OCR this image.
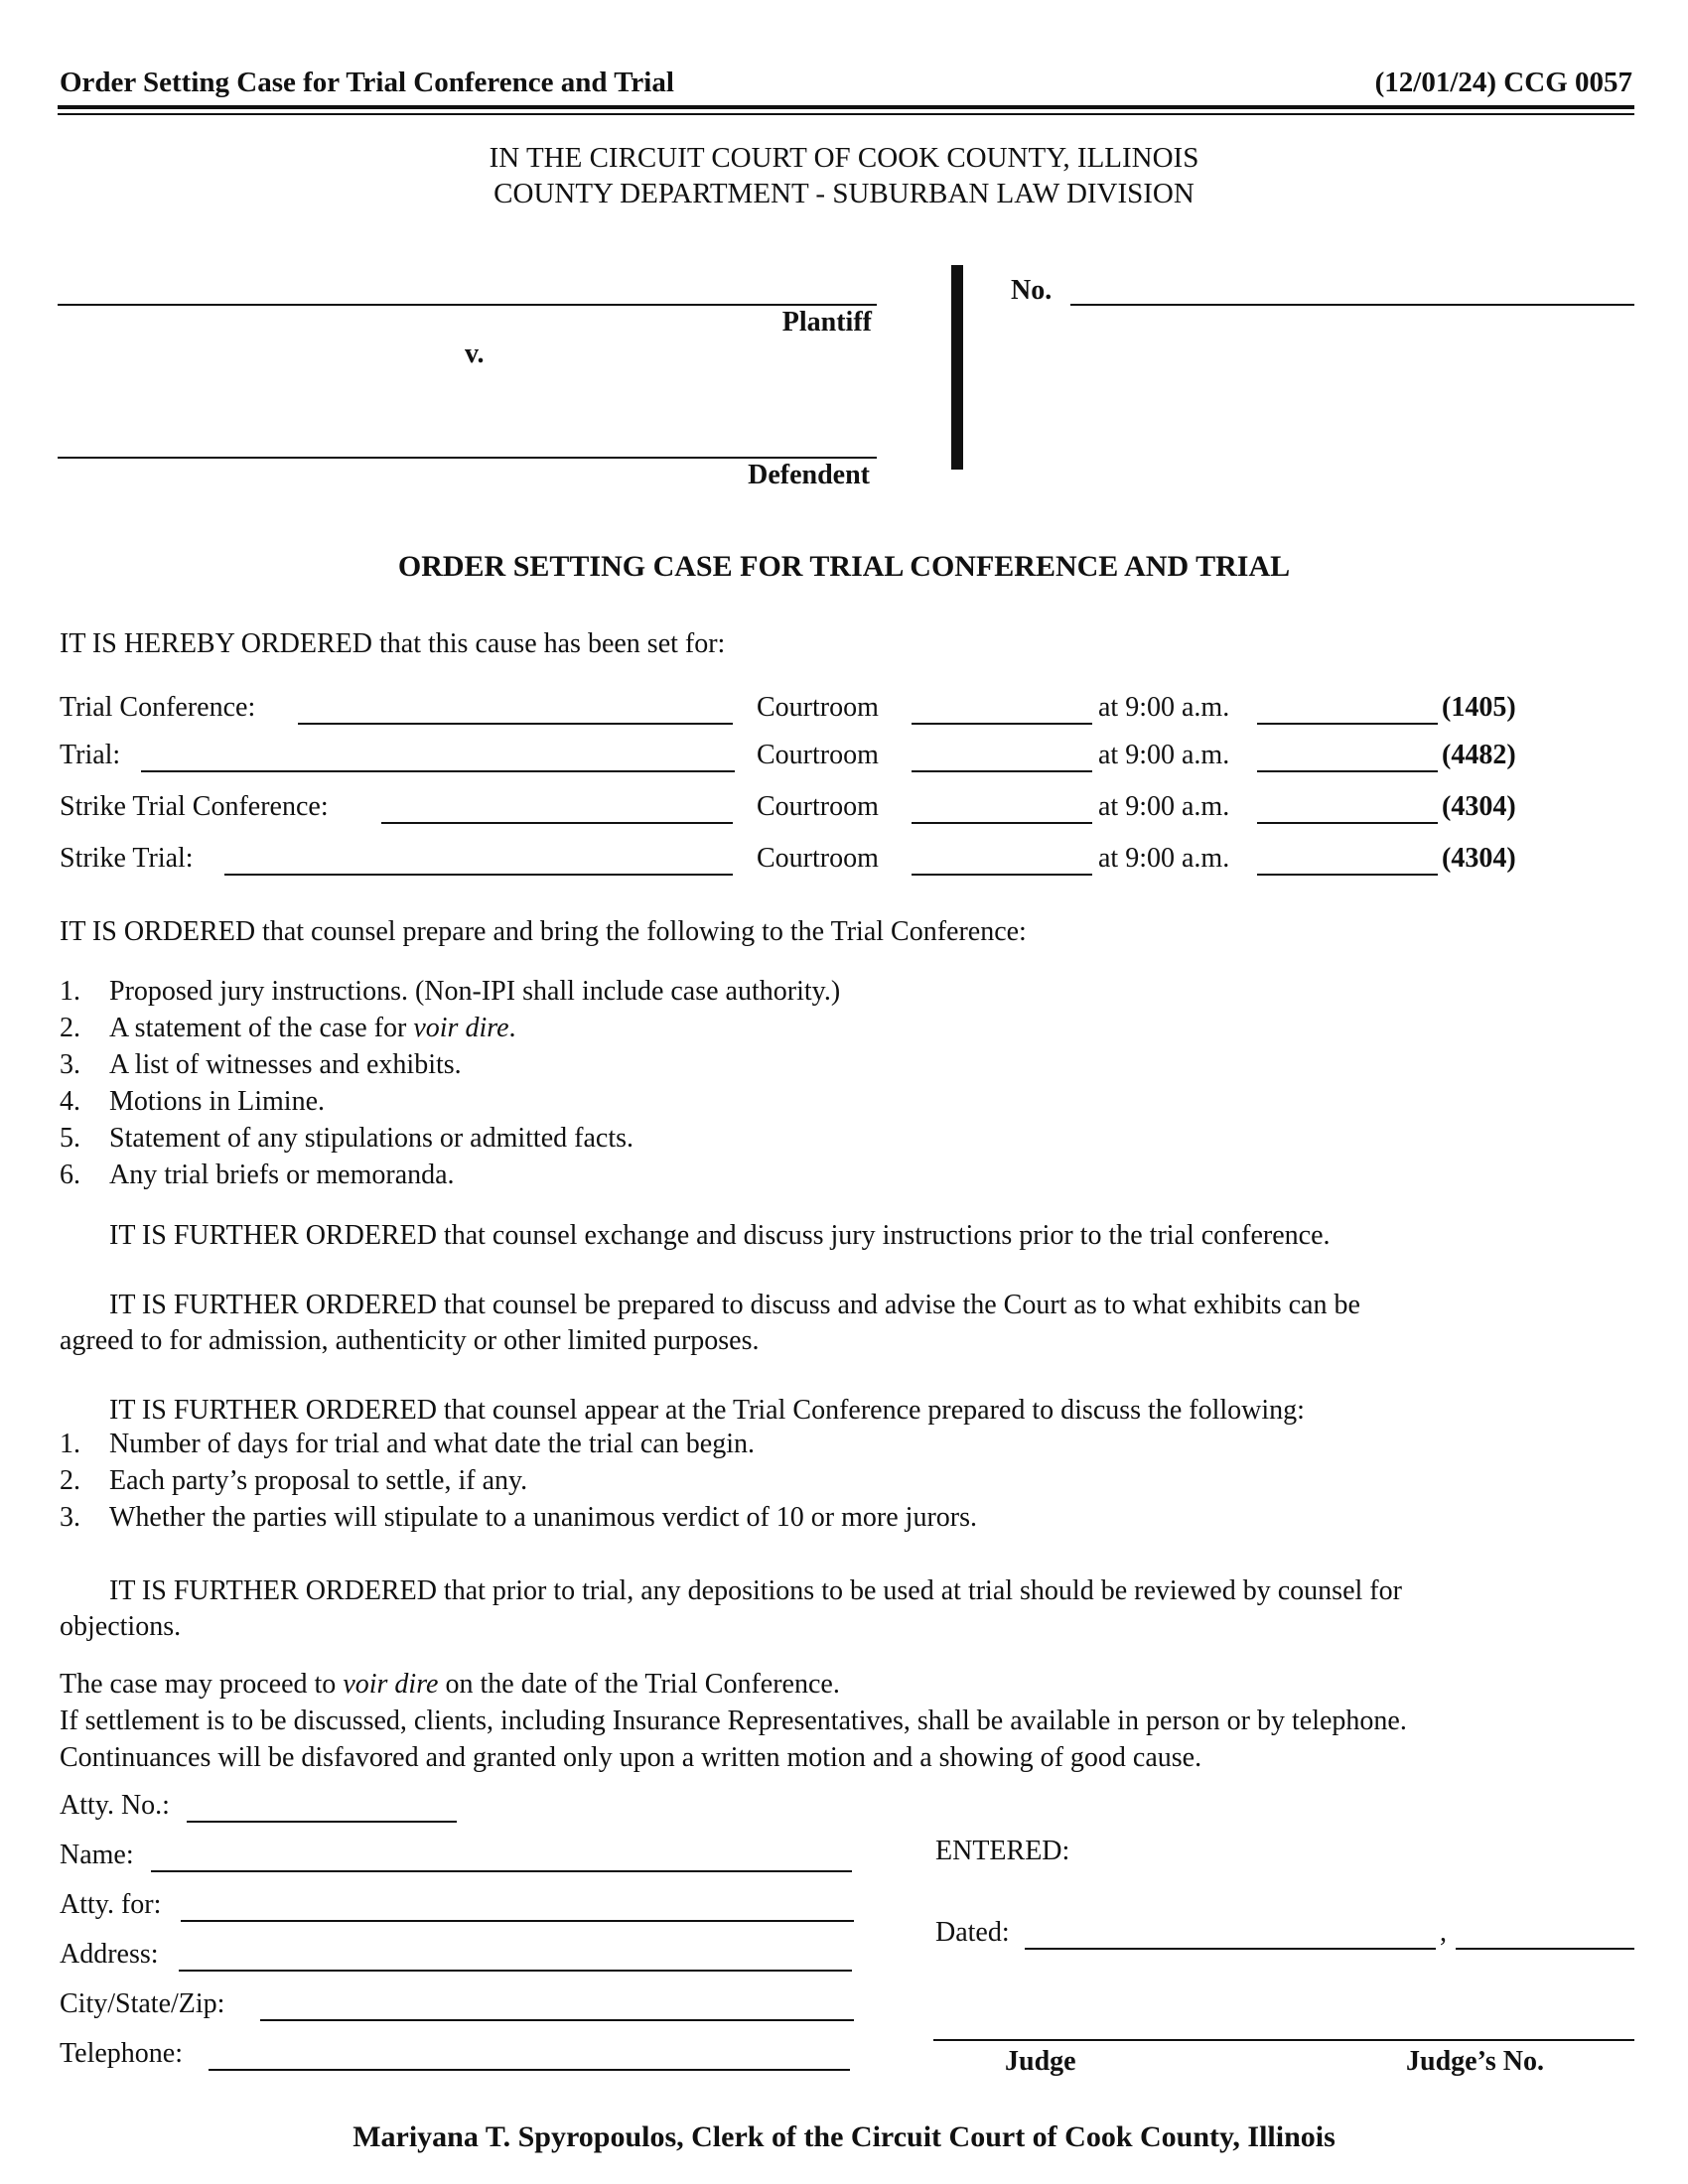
Order Setting Case for Trial Conference and Trial	(12/01/24) CCG 0057
IN THE CIRCUIT COURT OF COOK COUNTY, ILLINOIS
COUNTY DEPARTMENT - SUBURBAN LAW DIVISION
Plantiff
v.
Defendent
No.
ORDER SETTING CASE FOR TRIAL CONFERENCE AND TRIAL
IT IS HEREBY ORDERED that this cause has been set for:
Trial Conference:	Courtroom	at 9:00 a.m.	(1405)
Trial:	Courtroom	at 9:00 a.m.	(4482)
Strike Trial Conference:	Courtroom	at 9:00 a.m.	(4304)
Strike Trial:	Courtroom	at 9:00 a.m.	(4304)
IT IS ORDERED that counsel prepare and bring the following to the Trial Conference:
1. Proposed jury instructions. (Non-IPI shall include case authority.)
2. A statement of the case for voir dire.
3. A list of witnesses and exhibits.
4. Motions in Limine.
5. Statement of any stipulations or admitted facts.
6. Any trial briefs or memoranda.
IT IS FURTHER ORDERED that counsel exchange and discuss jury instructions prior to the trial conference.
IT IS FURTHER ORDERED that counsel be prepared to discuss and advise the Court as to what exhibits can be
agreed to for admission, authenticity or other limited purposes.
IT IS FURTHER ORDERED that counsel appear at the Trial Conference prepared to discuss the following:
1. Number of days for trial and what date the trial can begin.
2. Each party’s proposal to settle, if any.
3. Whether the parties will stipulate to a unanimous verdict of 10 or more jurors.
IT IS FURTHER ORDERED that prior to trial, any depositions to be used at trial should be reviewed by counsel for
objections.
The case may proceed to voir dire on the date of the Trial Conference.
If settlement is to be discussed, clients, including Insurance Representatives, shall be available in person or by telephone.
Continuances will be disfavored and granted only upon a written motion and a showing of good cause.
Atty. No.:
Name:
Atty. for:
Address:
City/State/Zip:
Telephone:
ENTERED:
Dated:	,
Judge	Judge’s No.
Mariyana T. Spyropoulos, Clerk of the Circuit Court of Cook County, Illinois
